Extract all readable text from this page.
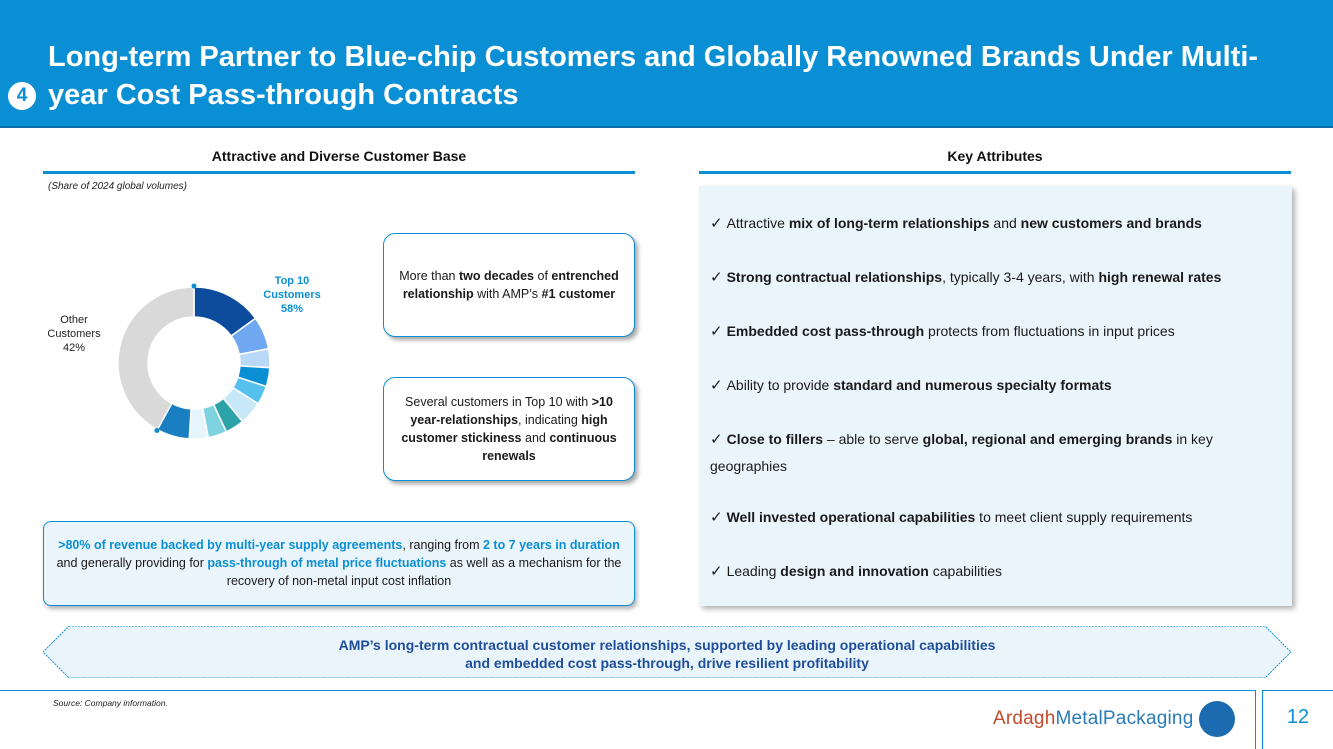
Long-term Partner to Blue-chip Customers and Globally Renowned Brands Under Multi-year Cost Pass-through Contracts
4
Attractive and Diverse Customer Base
(Share of 2024 global volumes)
Top 10
Customers
58%
Other
Customers
42%
More than two decades of entrenched relationship with AMP’s #1 customer
Several customers in Top 10 with >10 year-relationships, indicating high customer stickiness and continuous renewals
>80% of revenue backed by multi-year supply agreements, ranging from 2 to 7 years in duration and generally providing for pass-through of metal price fluctuations as well as a mechanism for the recovery of non-metal input cost inflation
Key Attributes
✓ Attractive mix of long-term relationships and new customers and brands
✓ Strong contractual relationships, typically 3-4 years, with high renewal rates
✓ Embedded cost pass-through protects from fluctuations in input prices
✓ Ability to provide standard and numerous specialty formats
✓ Close to fillers – able to serve global, regional and emerging brands in key geographies
✓ Well invested operational capabilities to meet client supply requirements
✓ Leading design and innovation capabilities
AMP’s long-term contractual customer relationships, supported by leading operational capabilities
and embedded cost pass-through, drive resilient profitability
Source: Company information.
ArdaghMetalPackaging	12
